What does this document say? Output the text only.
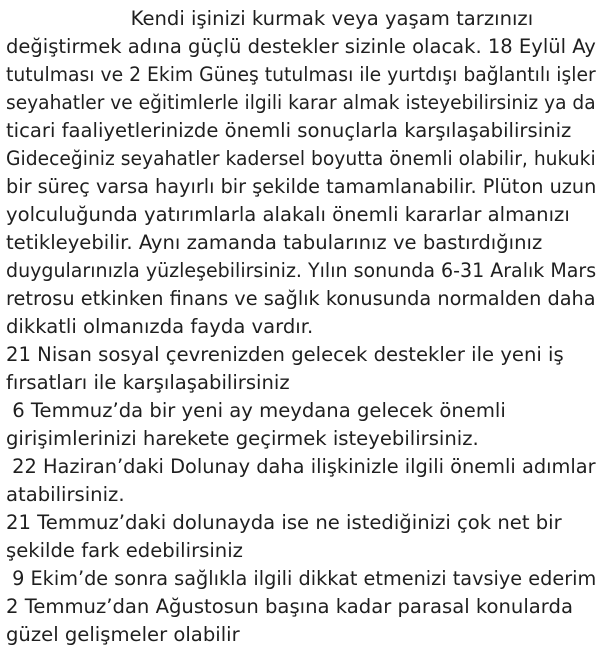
Kendi işinizi kurmak veya yaşam tarzınızı
değiştirmek adına güçlü destekler sizinle olacak. 18 Eylül Ay
tutulması ve 2 Ekim Güneş tutulması ile yurtdışı bağlantılı işler
seyahatler ve eğitimlerle ilgili karar almak isteyebilirsiniz ya da
ticari faaliyetlerinizde önemli sonuçlarla karşılaşabilirsiniz
Gideceğiniz seyahatler kadersel boyutta önemli olabilir, hukuki
bir süreç varsa hayırlı bir şekilde tamamlanabilir. Plüton uzun
yolculuğunda yatırımlarla alakalı önemli kararlar almanızı
tetikleyebilir. Aynı zamanda tabularınız ve bastırdığınız
duygularınızla yüzleşebilirsiniz. Yılın sonunda 6-31 Aralık Mars
retrosu etkinken finans ve sağlık konusunda normalden daha
dikkatli olmanızda fayda vardır.
21 Nisan sosyal çevrenizden gelecek destekler ile yeni iş
fırsatları ile karşılaşabilirsiniz
6 Temmuz’da bir yeni ay meydana gelecek önemli
girişimlerinizi harekete geçirmek isteyebilirsiniz.
22 Haziran’daki Dolunay daha ilişkinizle ilgili önemli adımlar
atabilirsiniz.
21 Temmuz’daki dolunayda ise ne istediğinizi çok net bir
şekilde fark edebilirsiniz
9 Ekim’de sonra sağlıkla ilgili dikkat etmenizi tavsiye ederim
2 Temmuz’dan Ağustosun başına kadar parasal konularda
güzel gelişmeler olabilir
